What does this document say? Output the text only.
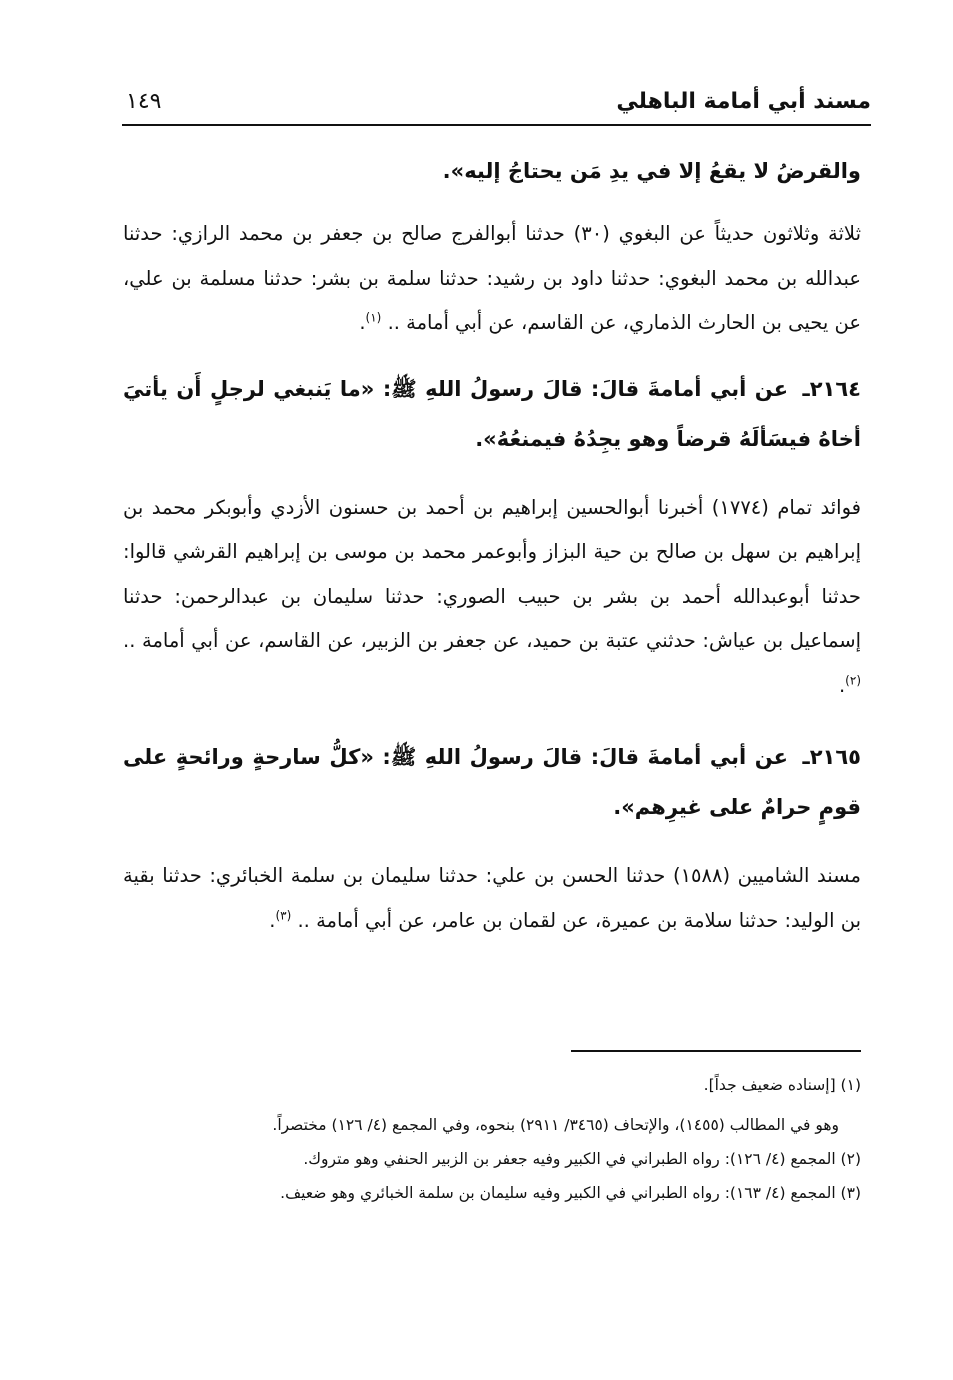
مسند أبي أمامة الباهلي
١٤٩

والقرضُ لا يقعُ إلا في يدِ مَن يحتاجُ إليه».

ثلاثة وثلاثون حديثاً عن البغوي (٣٠) حدثنا أبوالفرج صالح بن جعفر بن محمد الرازي: حدثنا عبدالله بن محمد البغوي: حدثنا داود بن رشيد: حدثنا سلمة بن بشر: حدثنا مسلمة بن علي، عن يحيى بن الحارث الذماري، عن القاسم، عن أبي أمامة .. $^{(١)}$.

٢١٦٤ـ عن أبي أمامةَ قالَ: قالَ رسولُ اللهِ ﷺ: «ما يَنبغي لرجلٍ أَن يأتيَ أخاهُ فيسَألَهُ قرضاً وهو يجِدُهُ فيمنعُهُ».

فوائد تمام (١٧٧٤) أخبرنا أبوالحسين إبراهيم بن أحمد بن حسنون الأزدي وأبوبكر محمد بن إبراهيم بن سهل بن صالح بن حية البزاز وأبوعمر محمد بن موسى بن إبراهيم القرشي قالوا: حدثنا أبوعبدالله أحمد بن بشر بن حبيب الصوري: حدثنا سليمان بن عبدالرحمن: حدثنا إسماعيل بن عياش: حدثني عتبة بن حميد، عن جعفر بن الزبير، عن القاسم، عن أبي أمامة .. $^{(٢)}$.

٢١٦٥ـ عن أبي أمامةَ قالَ: قالَ رسولُ اللهِ ﷺ: «كلُّ سارحةٍ ورائحةٍ على قومٍ حرامٌ على غيرِهم».

مسند الشاميين (١٥٨٨) حدثنا الحسن بن علي: حدثنا سليمان بن سلمة الخبائري: حدثنا بقية بن الوليد: حدثنا سلامة بن عميرة، عن لقمان بن عامر، عن أبي أمامة .. $^{(٣)}$.

(١) [إسناده ضعيف جداً].

وهو في المطالب (١٤٥٥)، والإتحاف (٣٤٦٥/ ٢٩١١) بنحوه، وفي المجمع (٤/ ١٢٦) مختصراً.

(٢) المجمع (٤/ ١٢٦): رواه الطبراني في الكبير وفيه جعفر بن الزبير الحنفي وهو متروك.

(٣) المجمع (٤/ ١٦٣): رواه الطبراني في الكبير وفيه سليمان بن سلمة الخبائري وهو ضعيف.
